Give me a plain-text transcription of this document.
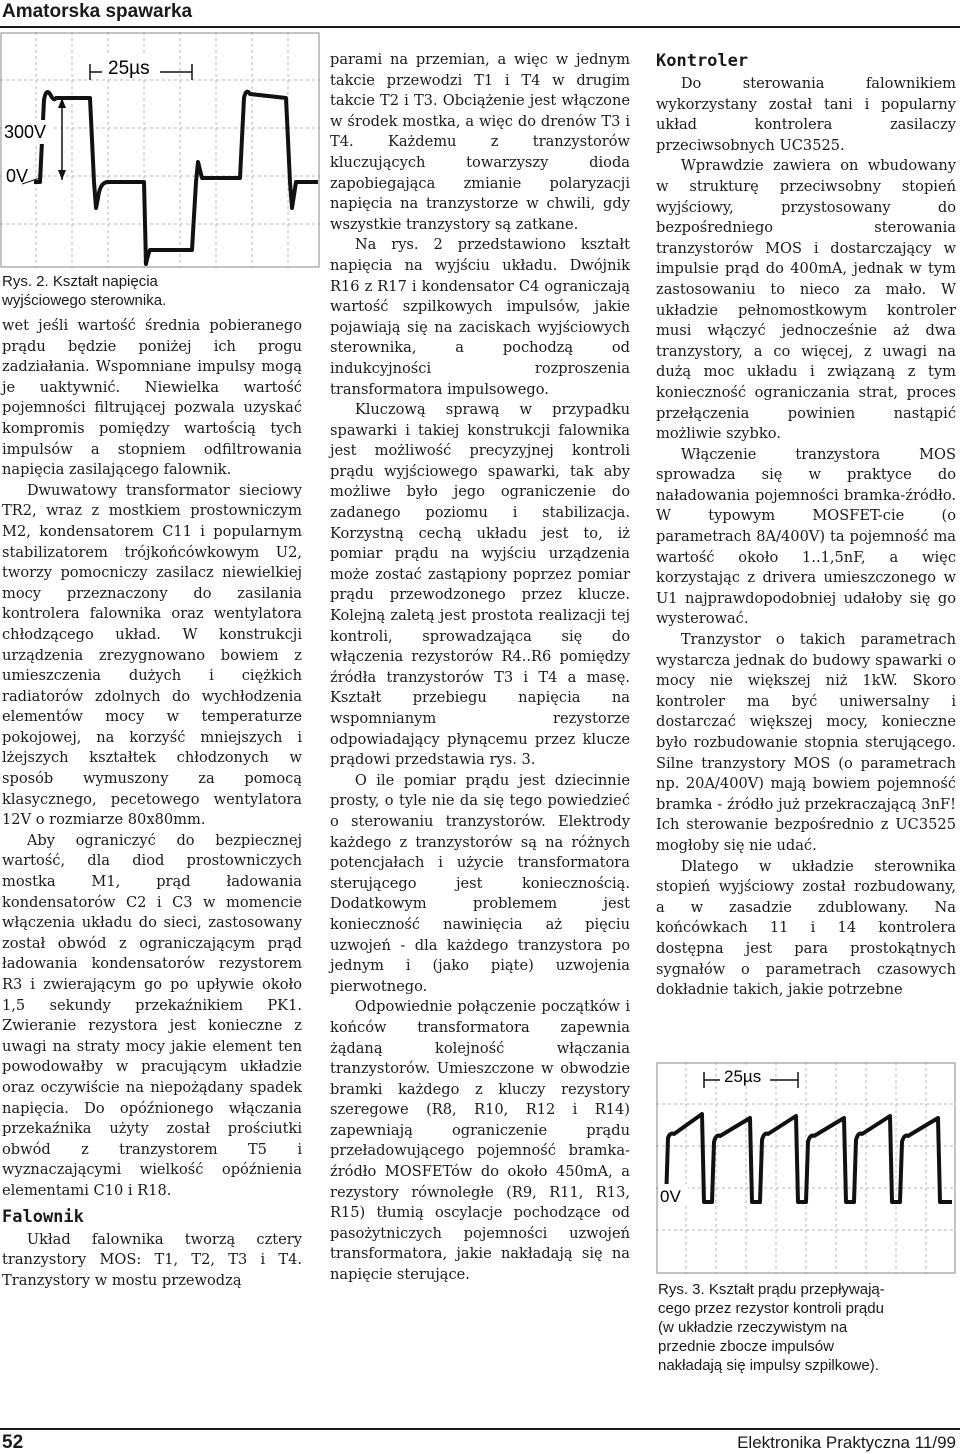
Amatorska spawarka
25µs
300V
0V
Rys. 2. Kształt napięcia
wyjściowego sterownika.

wet jeśli wartość średnia pobieranego prądu będzie poniżej ich progu zadziałania. Wspomniane impulsy mogą je uaktywnić. Niewielka wartość pojemności filtrującej pozwala uzyskać kompromis pomiędzy wartością tych impulsów a stopniem odfiltrowania napięcia zasilającego falownik.

Dwuwatowy transformator sieciowy TR2, wraz z mostkiem prostowniczym M2, kondensatorem C11 i popularnym stabilizatorem trójkońcówkowym U2, tworzy pomocniczy zasilacz niewielkiej mocy przeznaczony do zasilania kontrolera falownika oraz wentylatora chłodzącego układ. W konstrukcji urządzenia zrezygnowano bowiem z umieszczenia dużych i ciężkich radiatorów zdolnych do wychłodzenia elementów mocy w temperaturze pokojowej, na korzyść mniejszych i lżejszych kształtek chłodzonych w sposób wymuszony za pomocą klasycznego, pecetowego wentylatora 12V o rozmiarze 80x80mm.

Aby ograniczyć do bezpiecznej wartość, dla diod prostowniczych mostka M1, prąd ładowania kondensatorów C2 i C3 w momencie włączenia układu do sieci, zastosowany został obwód z ograniczającym prąd ładowania kondensatorów rezystorem R3 i zwierającym go po upływie około 1,5 sekundy przekaźnikiem PK1. Zwieranie rezystora jest konieczne z uwagi na straty mocy jakie element ten powodowałby w pracującym układzie oraz oczywiście na niepożądany spadek napięcia. Do opóźnionego włączania przekaźnika użyty został prościutki obwód z tranzystorem T5 i wyznaczającymi wielkość opóźnienia elementami C10 i R18.

Falownik

Układ falownika tworzą cztery tranzystory MOS: T1, T2, T3 i T4. Tranzystory w mostu przewodzą

parami na przemian, a więc w jednym takcie przewodzi T1 i T4 w drugim takcie T2 i T3. Obciążenie jest włączone w środek mostka, a więc do drenów T3 i T4. Każdemu z tranzystorów kluczujących towarzyszy dioda zapobiegająca zmianie polaryzacji napięcia na tranzystorze w chwili, gdy wszystkie tranzystory są zatkane.

Na rys. 2 przedstawiono kształt napięcia na wyjściu układu. Dwójnik R16 z R17 i kondensator C4 ograniczają wartość szpilkowych impulsów, jakie pojawiają się na zaciskach wyjściowych sterownika, a pochodzą od indukcyjności rozproszenia transformatora impulsowego.

Kluczową sprawą w przypadku spawarki i takiej konstrukcji falownika jest możliwość precyzyjnej kontroli prądu wyjściowego spawarki, tak aby możliwe było jego ograniczenie do zadanego poziomu i stabilizacja. Korzystną cechą układu jest to, iż pomiar prądu na wyjściu urządzenia może zostać zastąpiony poprzez pomiar prądu przewodzonego przez klucze. Kolejną zaletą jest prostota realizacji tej kontroli, sprowadzająca się do włączenia rezystorów R4..R6 pomiędzy źródła tranzystorów T3 i T4 a masę. Kształt przebiegu napięcia na wspomnianym rezystorze odpowiadający płynącemu przez klucze prądowi przedstawia rys. 3.

O ile pomiar prądu jest dziecinnie prosty, o tyle nie da się tego powiedzieć o sterowaniu tranzystorów. Elektrody każdego z tranzystorów są na różnych potencjałach i użycie transformatora sterującego jest koniecznością. Dodatkowym problemem jest konieczność nawinięcia aż pięciu uzwojeń - dla każdego tranzystora po jednym i (jako piąte) uzwojenia pierwotnego.

Odpowiednie połączenie początków i końców transformatora zapewnia żądaną kolejność włączania tranzystorów. Umieszczone w obwodzie bramki każdego z kluczy rezystory szeregowe (R8, R10, R12 i R14) zapewniają ograniczenie prądu przeładowującego pojemność bramka-źródło MOSFETów do około 450mA, a rezystory równoległe (R9, R11, R13, R15) tłumią oscylacje pochodzące od pasożytniczych pojemności uzwojeń transformatora, jakie nakładają się na napięcie sterujące.

Kontroler

Do sterowania falownikiem wykorzystany został tani i popularny układ kontrolera zasilaczy przeciwsobnych UC3525.

Wprawdzie zawiera on wbudowany w strukturę przeciwsobny stopień wyjściowy, przystosowany do bezpośredniego sterowania tranzystorów MOS i dostarczający w impulsie prąd do 400mA, jednak w tym zastosowaniu to nieco za mało. W układzie pełnomostkowym kontroler musi włączyć jednocześnie aż dwa tranzystory, a co więcej, z uwagi na dużą moc układu i związaną z tym konieczność ograniczania strat, proces przełączenia powinien nastąpić możliwie szybko.

Włączenie tranzystora MOS sprowadza się w praktyce do naładowania pojemności bramka-źródło. W typowym MOSFET-cie (o parametrach 8A/400V) ta pojemność ma wartość około 1..1,5nF, a więc korzystając z drivera umieszczonego w U1 najprawdopodobniej udałoby się go wysterować.

Tranzystor o takich parametrach wystarcza jednak do budowy spawarki o mocy nie większej niż 1kW. Skoro kontroler ma być uniwersalny i dostarczać większej mocy, konieczne było rozbudowanie stopnia sterującego. Silne tranzystory MOS (o parametrach np. 20A/400V) mają bowiem pojemność bramka - źródło już przekraczającą 3nF! Ich sterowanie bezpośrednio z UC3525 mogłoby się nie udać.

Dlatego w układzie sterownika stopień wyjściowy został rozbudowany, a w zasadzie zdublowany. Na końcówkach 11 i 14 kontrolera dostępna jest para prostokątnych sygnałów o parametrach czasowych dokładnie takich, jakie potrzebne

25µs
0V
Rys. 3. Kształt prądu przepływają-
cego przez rezystor kontroli prądu
(w układzie rzeczywistym na
przednie zbocze impulsów
nakładają się impulsy szpilkowe).
52	Elektronika Praktyczna 11/99
